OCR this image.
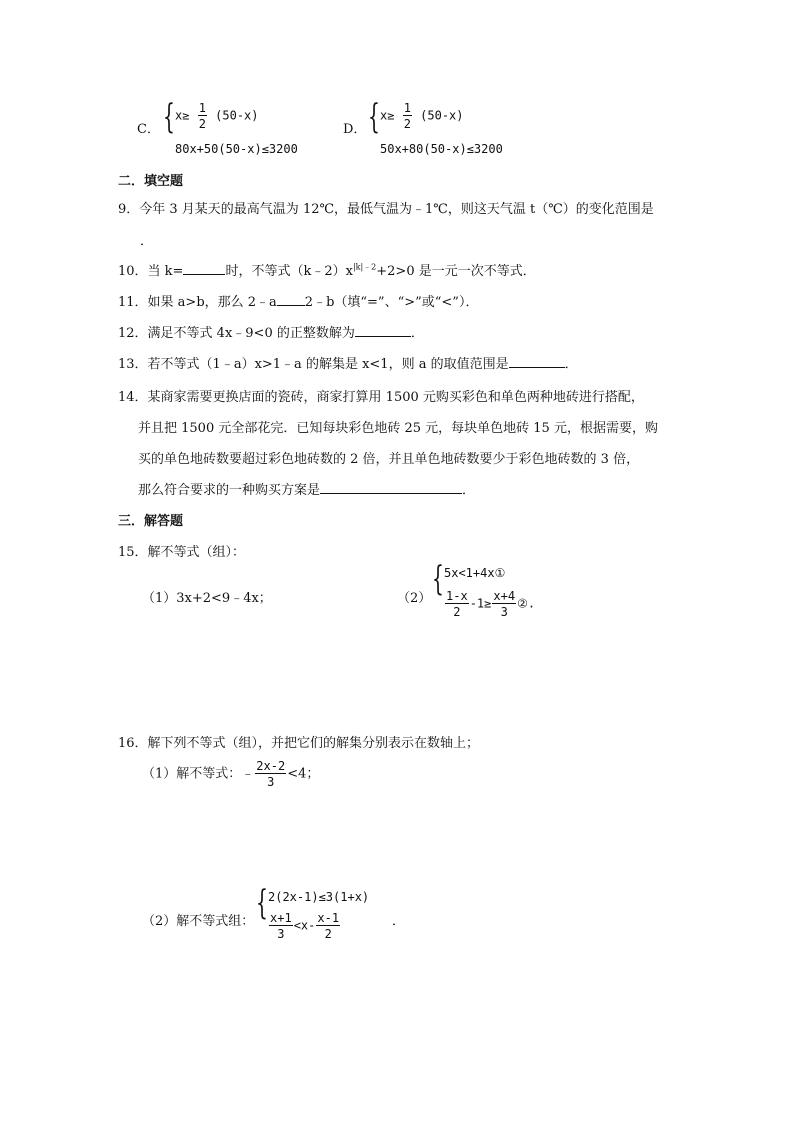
C． { $x\ge \frac{1}{2} (50-x)$
80x+50(50-x)≤3200
D． { $x\ge \frac{1}{2} (50-x)$
50x+80(50-x)≤3200
二．填空题
9．今年 3 月某天的最高气温为 12℃，最低气温为﹣1℃，则这天气温 t（℃）的变化范围是
．
10．当 k=	时，不等式$(k﹣2)x^{|k|﹣2}+2>0$ 是一元一次不等式．
11．如果 a>b，那么 2﹣a 2﹣b（填“=”、“>”或“<”）．
12．满足不等式 4x﹣9<0 的正整数解为	．
13．若不等式（1﹣a）x>1﹣a 的解集是 x<1，则 a 的取值范围是	．
14．某商家需要更换店面的瓷砖，商家打算用 1500 元购买彩色和单色两种地砖进行搭配，
并且把 1500 元全部花完．已知每块彩色地砖 25 元，每块单色地砖 15 元，根据需要，购
买的单色地砖数要超过彩色地砖数的 2 倍，并且单色地砖数要少于彩色地砖数的 3 倍，
那么符合要求的一种购买方案是	．
三．解答题
15．解不等式（组）：
（1）3x+2<9﹣4x；	（2） { 5x<1+4x①
$\frac{1-x}{2} -1\ge \frac{x+4}{3}$ ②.
16．解下列不等式（组），并把它们的解集分别表示在数轴上；
（1）解不等式：﹣ $\frac{2x-2}{3} <4$；
（2）解不等式组： { 2(2x-1)≤3(1+x)
$\frac{x+1}{3} <x- \frac{x-1}{2}$	．
